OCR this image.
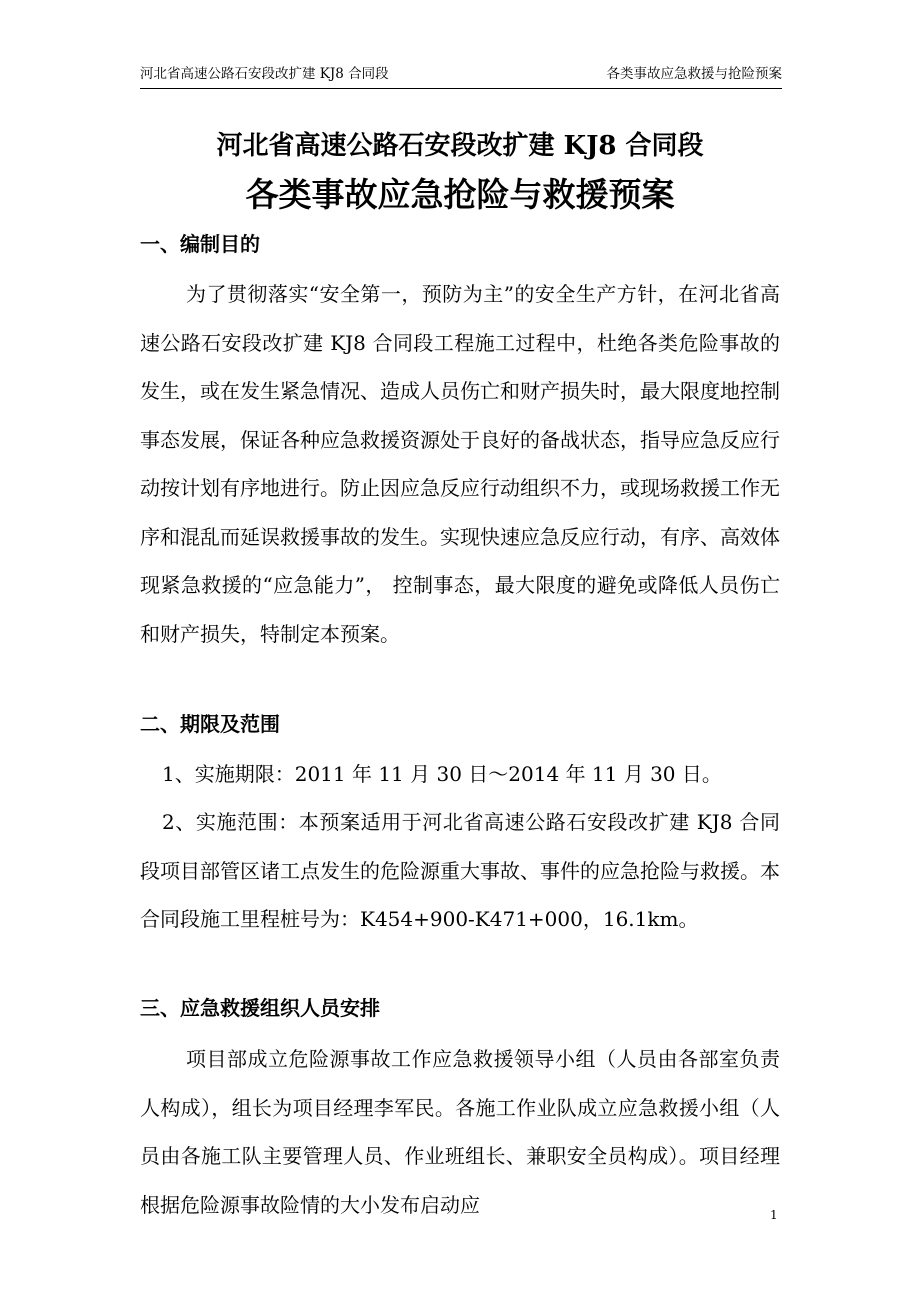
河北省高速公路石安段改扩建 KJ8 合同段	各类事故应急救援与抢险预案
河北省高速公路石安段改扩建 KJ8 合同段
各类事故应急抢险与救援预案
一、编制目的
为了贯彻落实“安全第一，预防为主”的安全生产方针，在河北省高速公路石安段改扩建 KJ8 合同段工程施工过程中，杜绝各类危险事故的发生，或在发生紧急情况、造成人员伤亡和财产损失时，最大限度地控制事态发展，保证各种应急救援资源处于良好的备战状态，指导应急反应行动按计划有序地进行。防止因应急反应行动组织不力，或现场救援工作无序和混乱而延误救援事故的发生。实现快速应急反应行动，有序、高效体现紧急救援的“应急能力”， 控制事态，最大限度的避免或降低人员伤亡和财产损失，特制定本预案。
二、期限及范围
1、实施期限：2011 年 11 月 30 日～2014 年 11 月 30 日。
2、实施范围：本预案适用于河北省高速公路石安段改扩建 KJ8 合同段项目部管区诸工点发生的危险源重大事故、事件的应急抢险与救援。本合同段施工里程桩号为：K454+900-K471+000，16.1km。
三、应急救援组织人员安排
项目部成立危险源事故工作应急救援领导小组（人员由各部室负责人构成），组长为项目经理李军民。各施工作业队成立应急救援小组（人员由各施工队主要管理人员、作业班组长、兼职安全员构成）。项目经理根据危险源事故险情的大小发布启动应	1
